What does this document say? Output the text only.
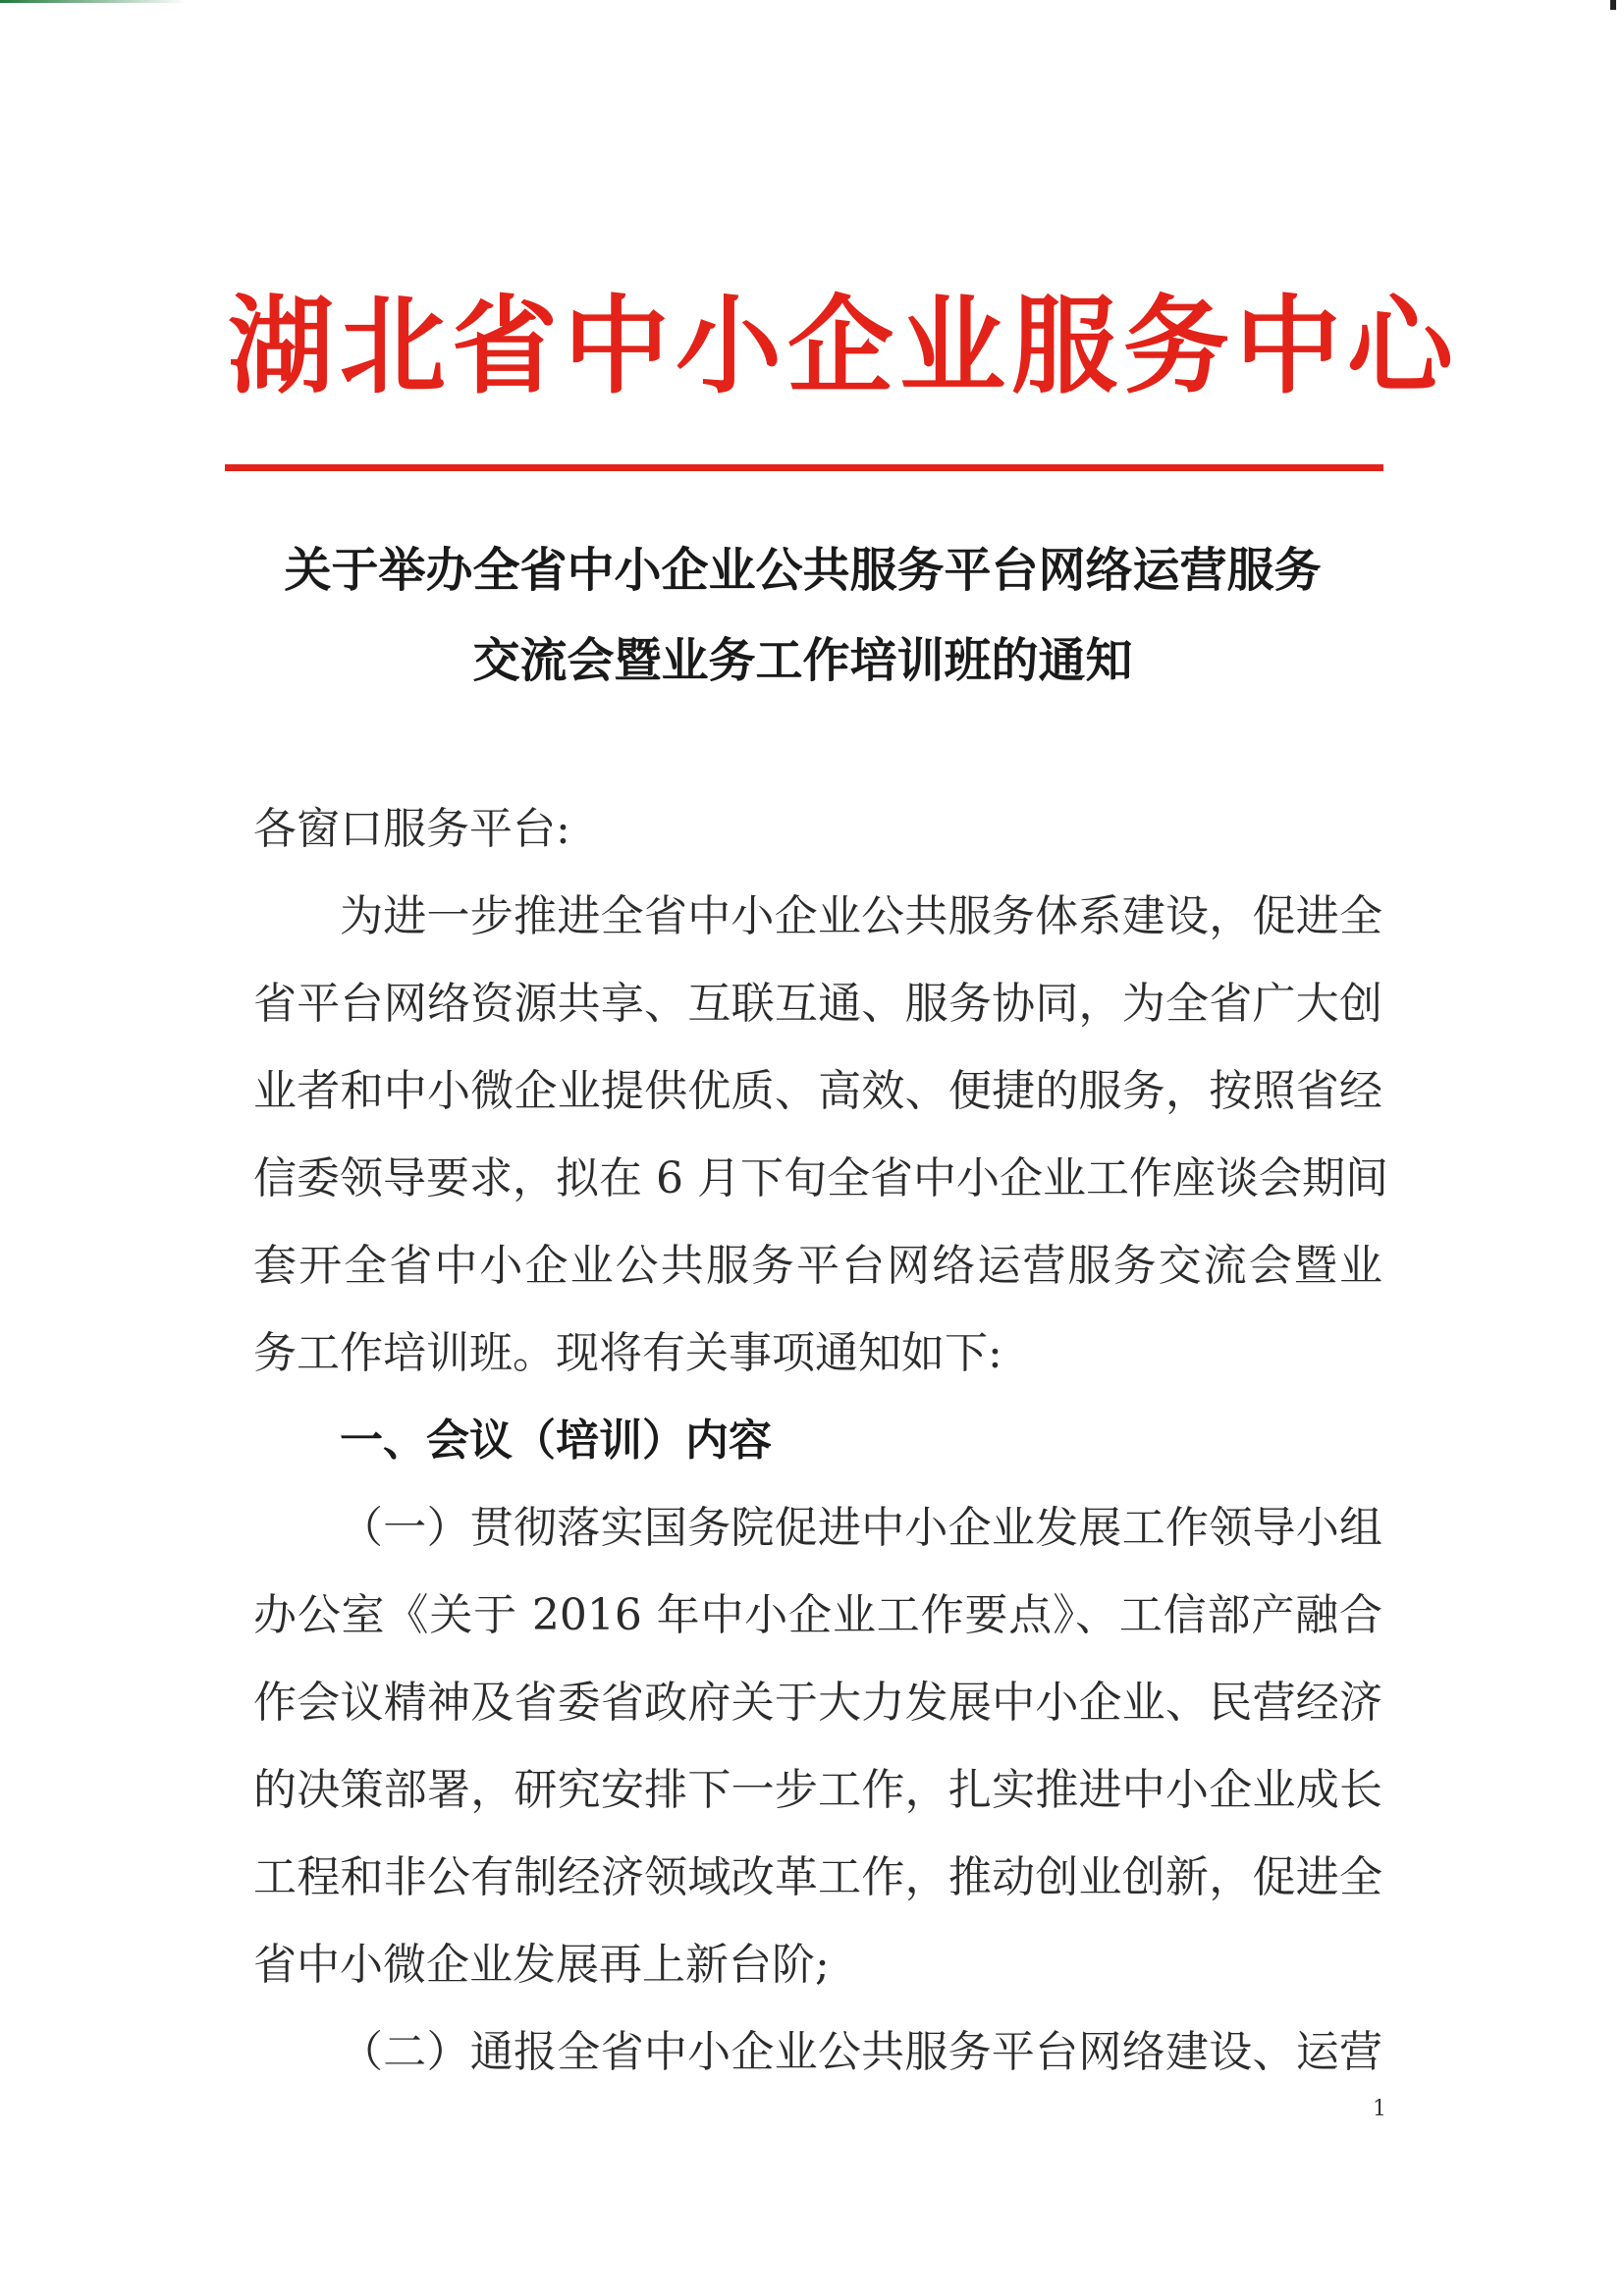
湖北省中小企业服务中心
关于举办全省中小企业公共服务平台网络运营服务
交流会暨业务工作培训班的通知
各窗口服务平台:
为进一步推进全省中小企业公共服务体系建设，促进全
省平台网络资源共享、互联互通、服务协同，为全省广大创
业者和中小微企业提供优质、高效、便捷的服务，按照省经
信委领导要求，拟在 6 月下旬全省中小企业工作座谈会期间
套开全省中小企业公共服务平台网络运营服务交流会暨业
务工作培训班。现将有关事项通知如下:
一、会议（培训）内容
（一）贯彻落实国务院促进中小企业发展工作领导小组
办公室《关于 2016 年中小企业工作要点》、工信部产融合
作会议精神及省委省政府关于大力发展中小企业、民营经济
的决策部署，研究安排下一步工作，扎实推进中小企业成长
工程和非公有制经济领域改革工作，推动创业创新，促进全
省中小微企业发展再上新台阶;
（二）通报全省中小企业公共服务平台网络建设、运营
1
